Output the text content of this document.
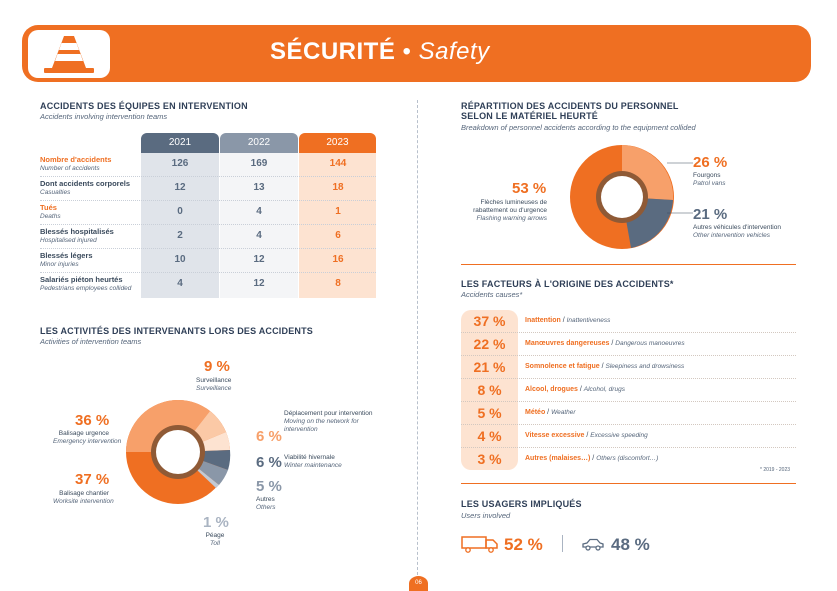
SÉCURITÉ • Safety
ACCIDENTS DES ÉQUIPES EN INTERVENTION
Accidents involving intervention teams
2021	2022	2023
Nombre d'accidents
Number of accidents	126	169	144
Dont accidents corporels
Casualties	12	13	18
Tués
Deaths	0	4	1
Blessés hospitalisés
Hospitalised injured	2	4	6
Blessés légers
Minor injuries	10	12	16
Salariés piéton heurtés
Pedestrians employees collided	4	12	8
LES ACTIVITÉS DES INTERVENANTS LORS DES ACCIDENTS
Activities of intervention teams
36 %
Balisage urgence
Emergency intervention
37 %
Balisage chantier
Worksite intervention
9 %
Surveillance
Surveillance
6 %
Déplacement pour intervention
Moving on the network for intervention
6 % Viabilité hivernale
Winter maintenance
5 %
Autres
Others
1 %
Péage
Toll
RÉPARTITION DES ACCIDENTS DU PERSONNEL
SELON LE MATÉRIEL HEURTÉ
Breakdown of personnel accidents according to the equipment collided
53 %
Flèches lumineuses de rabattement ou d'urgence
Flashing warning arrows
26 %
Fourgons
Patrol vans
21 %
Autres véhicules d'intervention
Other intervention vehicles
LES FACTEURS À L'ORIGINE DES ACCIDENTS*
Accidents causes*
37 %	Inattention / Inattentiveness
22 %	Manœuvres dangereuses / Dangerous manoeuvres
21 %	Somnolence et fatigue / Sleepiness and drowsiness
8 %	Alcool, drogues / Alcohol, drugs
5 %	Météo / Weather
4 %	Vitesse excessive / Excessive speeding
3 %	Autres (malaises…) / Others (discomfort…)
* 2019 - 2023
LES USAGERS IMPLIQUÉS
Users involved
52 %	48 %
06
